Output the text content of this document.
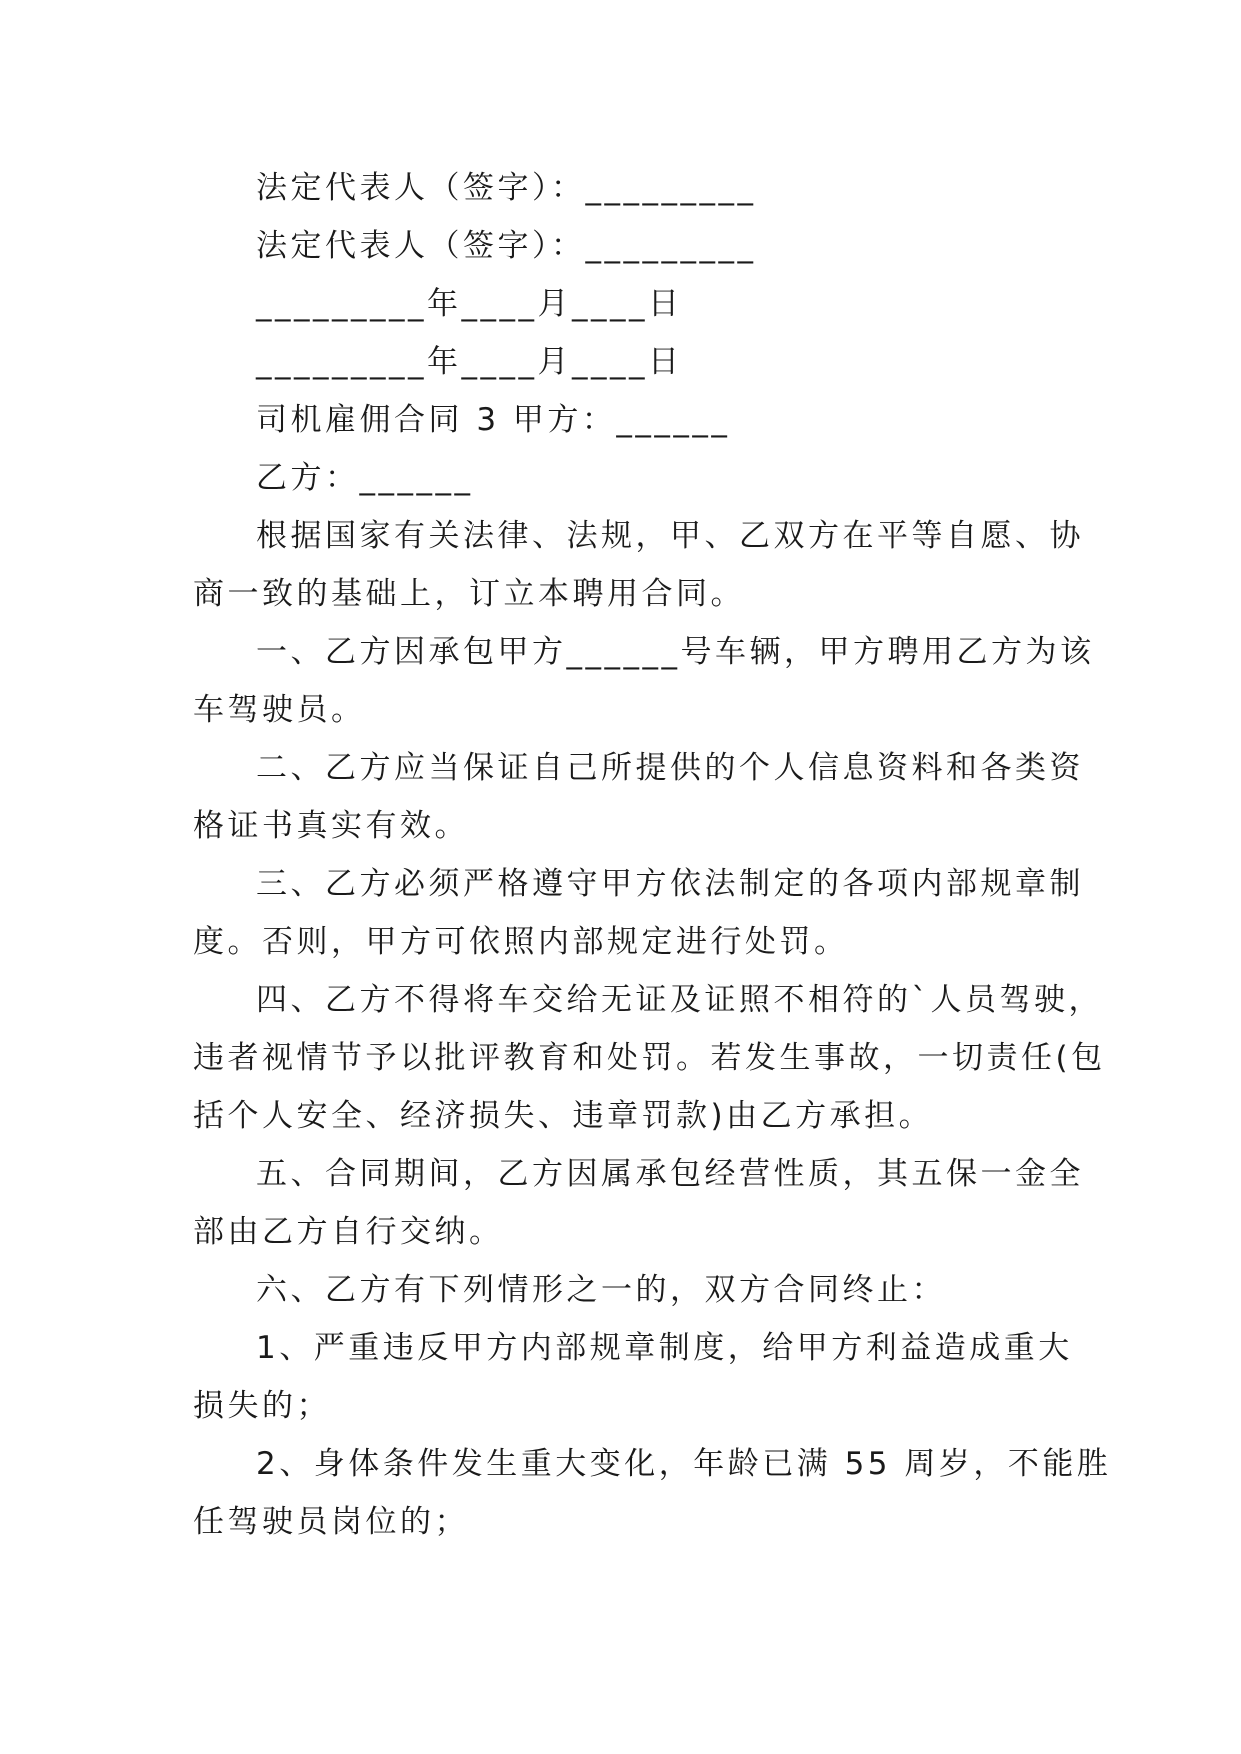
法定代表人（签字）：_________
法定代表人（签字）：_________
_________年____月____日
_________年____月____日
司机雇佣合同 3 甲方：______
乙方：______
根据国家有关法律、法规，甲、乙双方在平等自愿、协
商一致的基础上，订立本聘用合同。
一、乙方因承包甲方______号车辆，甲方聘用乙方为该
车驾驶员。
二、乙方应当保证自己所提供的个人信息资料和各类资
格证书真实有效。
三、乙方必须严格遵守甲方依法制定的各项内部规章制
度。否则，甲方可依照内部规定进行处罚。
四、乙方不得将车交给无证及证照不相符的`人员驾驶，
违者视情节予以批评教育和处罚。若发生事故，一切责任(包
括个人安全、经济损失、违章罚款)由乙方承担。
五、合同期间，乙方因属承包经营性质，其五保一金全
部由乙方自行交纳。
六、乙方有下列情形之一的，双方合同终止：
1、严重违反甲方内部规章制度，给甲方利益造成重大
损失的；
2、身体条件发生重大变化，年龄已满 55 周岁，不能胜
任驾驶员岗位的；
